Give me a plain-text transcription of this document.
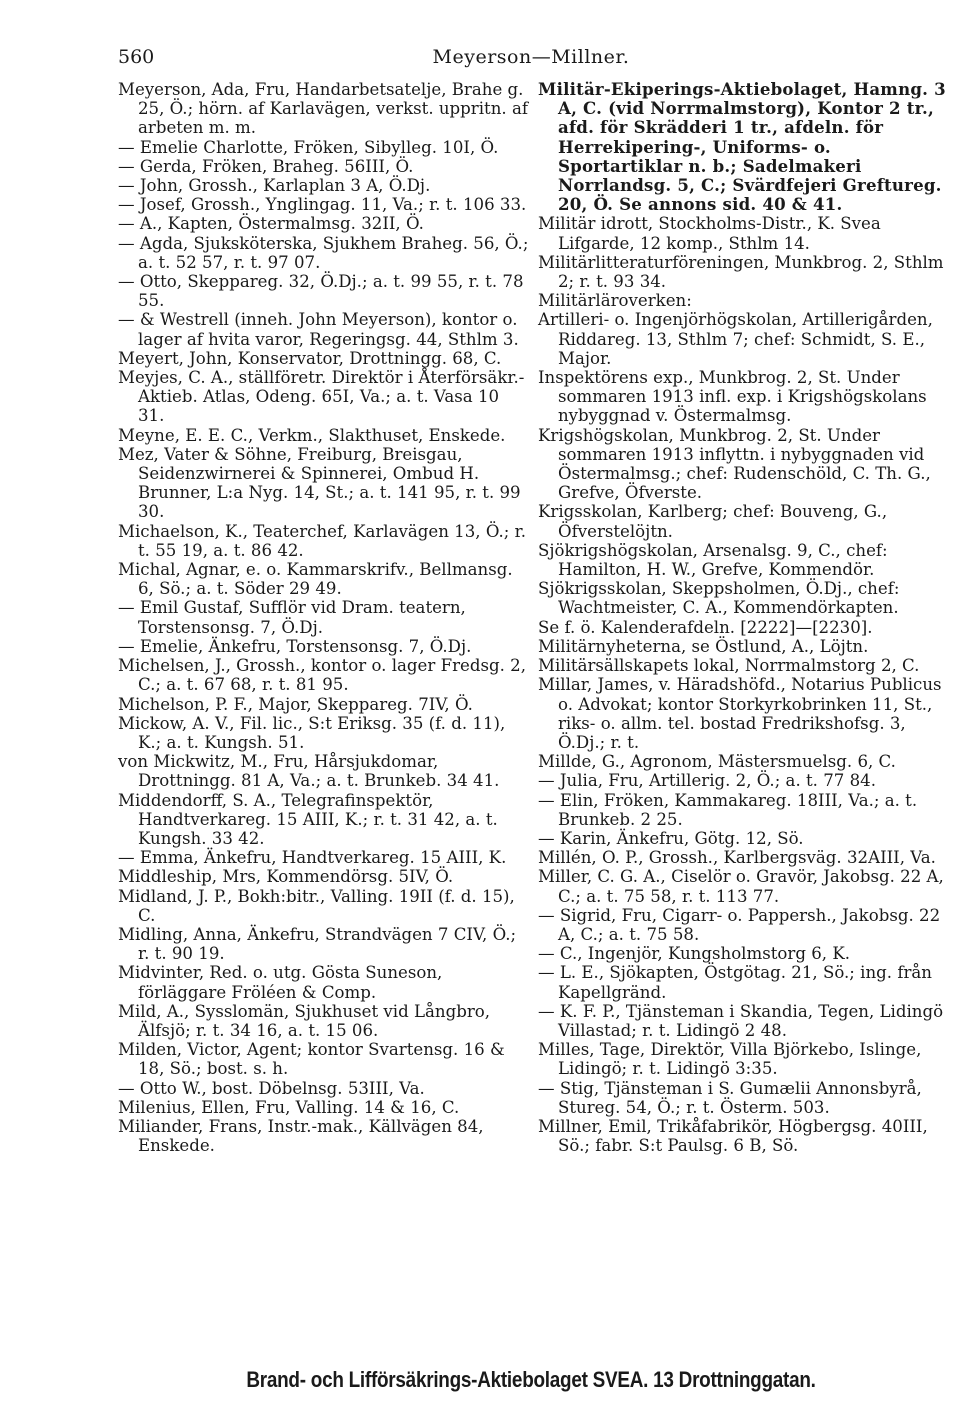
560	Meyerson—Millner.

Meyerson, Ada, Fru, Handarbetsatelje, Brahe g. 25, Ö.; hörn. af Karlavägen, verkst. uppritn. af arbeten m. m.

— Emelie Charlotte, Fröken, Sibylleg. 10I, Ö.

— Gerda, Fröken, Braheg. 56III, Ö.

— John, Grossh., Karlaplan 3 A, Ö.Dj.

— Josef, Grossh., Ynglingag. 11, Va.; r. t. 106 33.

— A., Kapten, Östermalmsg. 32II, Ö.

— Agda, Sjuksköterska, Sjukhem Braheg. 56, Ö.; a. t. 52 57, r. t. 97 07.

— Otto, Skeppareg. 32, Ö.Dj.; a. t. 99 55, r. t. 78 55.

— & Westrell (inneh. John Meyerson), kontor o. lager af hvita varor, Regeringsg. 44, Sthlm 3.

Meyert, John, Konservator, Drottningg. 68, C.

Meyjes, C. A., ställföretr. Direktör i Återförsäkr.-Aktieb. Atlas, Odeng. 65I, Va.; a. t. Vasa 10 31.

Meyne, E. E. C., Verkm., Slakthuset, Enskede.

Mez, Vater & Söhne, Freiburg, Breisgau, Seidenzwirnerei & Spinnerei, Ombud H. Brunner, L:a Nyg. 14, St.; a. t. 141 95, r. t. 99 30.

Michaelson, K., Teaterchef, Karlavägen 13, Ö.; r. t. 55 19, a. t. 86 42.

Michal, Agnar, e. o. Kammarskrifv., Bellmansg. 6, Sö.; a. t. Söder 29 49.

— Emil Gustaf, Sufflör vid Dram. teatern, Torstensonsg. 7, Ö.Dj.

— Emelie, Änkefru, Torstensonsg. 7, Ö.Dj.

Michelsen, J., Grossh., kontor o. lager Fredsg. 2, C.; a. t. 67 68, r. t. 81 95.

Michelson, P. F., Major, Skeppareg. 7IV, Ö.

Mickow, A. V., Fil. lic., S:t Eriksg. 35 (f. d. 11), K.; a. t. Kungsh. 51.

von Mickwitz, M., Fru, Hårsjukdomar, Drottningg. 81 A, Va.; a. t. Brunkeb. 34 41.

Middendorff, S. A., Telegrafinspektör, Handtverkareg. 15 AIII, K.; r. t. 31 42, a. t. Kungsh. 33 42.

— Emma, Änkefru, Handtverkareg. 15 AIII, K.

Middleship, Mrs, Kommendörsg. 5IV, Ö.

Midland, J. P., Bokh:bitr., Valling. 19II (f. d. 15), C.

Midling, Anna, Änkefru, Strandvägen 7 CIV, Ö.; r. t. 90 19.

Midvinter, Red. o. utg. Gösta Suneson, förläggare Fröléen & Comp.

Mild, A., Sysslomän, Sjukhuset vid Långbro, Älfsjö; r. t. 34 16, a. t. 15 06.

Milden, Victor, Agent; kontor Svartensg. 16 & 18, Sö.; bost. s. h.

— Otto W., bost. Döbelnsg. 53III, Va.

Milenius, Ellen, Fru, Valling. 14 & 16, C.

Miliander, Frans, Instr.-mak., Källvägen 84, Enskede.

Militär-Ekiperings-Aktiebolaget, Hamng. 3 A, C. (vid Norrmalmstorg), Kontor 2 tr., afd. för Skrädderi 1 tr., afdeln. för Herrekipering-, Uniforms- o. Sportartiklar n. b.; Sadelmakeri Norrlandsg. 5, C.; Svärdfejeri Greftureg. 20, Ö. Se annons sid. 40 & 41.

Militär idrott, Stockholms-Distr., K. Svea Lifgarde, 12 komp., Sthlm 14.

Militärlitteraturföreningen, Munkbrog. 2, Sthlm 2; r. t. 93 34.

Militärläroverken:

Artilleri- o. Ingenjörhögskolan, Artillerigården, Riddareg. 13, Sthlm 7; chef: Schmidt, S. E., Major.

Inspektörens exp., Munkbrog. 2, St. Under sommaren 1913 infl. exp. i Krigshögskolans nybyggnad v. Östermalmsg.

Krigshögskolan, Munkbrog. 2, St. Under sommaren 1913 inflyttn. i nybyggnaden vid Östermalmsg.; chef: Rudenschöld, C. Th. G., Grefve, Öfverste.

Krigsskolan, Karlberg; chef: Bouveng, G., Öfverstelöjtn.

Sjökrigshögskolan, Arsenalsg. 9, C., chef: Hamilton, H. W., Grefve, Kommendör.

Sjökrigsskolan, Skeppsholmen, Ö.Dj., chef: Wachtmeister, C. A., Kommendörkapten.

Se f. ö. Kalenderafdeln. [2222]—[2230].

Militärnyheterna, se Östlund, A., Löjtn.

Militärsällskapets lokal, Norrmalmstorg 2, C.

Millar, James, v. Häradshöfd., Notarius Publicus o. Advokat; kontor Storkyrkobrinken 11, St., riks- o. allm. tel. bostad Fredrikshofsg. 3, Ö.Dj.; r. t.

Millde, G., Agronom, Mästersmuelsg. 6, C.

— Julia, Fru, Artillerig. 2, Ö.; a. t. 77 84.

— Elin, Fröken, Kammakareg. 18III, Va.; a. t. Brunkeb. 2 25.

— Karin, Änkefru, Götg. 12, Sö.

Millén, O. P., Grossh., Karlbergsväg. 32AIII, Va.

Miller, C. G. A., Ciselör o. Gravör, Jakobsg. 22 A, C.; a. t. 75 58, r. t. 113 77.

— Sigrid, Fru, Cigarr- o. Pappersh., Jakobsg. 22 A, C.; a. t. 75 58.

— C., Ingenjör, Kungsholmstorg 6, K.

— L. E., Sjökapten, Östgötag. 21, Sö.; ing. från Kapellgränd.

— K. F. P., Tjänsteman i Skandia, Tegen, Lidingö Villastad; r. t. Lidingö 2 48.

Milles, Tage, Direktör, Villa Björkebo, Islinge, Lidingö; r. t. Lidingö 3:35.

— Stig, Tjänsteman i S. Gumælii Annonsbyrå, Stureg. 54, Ö.; r. t. Österm. 503.

Millner, Emil, Trikåfabrikör, Högbergsg. 40III, Sö.; fabr. S:t Paulsg. 6 B, Sö.

Brand- och Lifförsäkrings-Aktiebolaget SVEA. 13 Drottninggatan.
